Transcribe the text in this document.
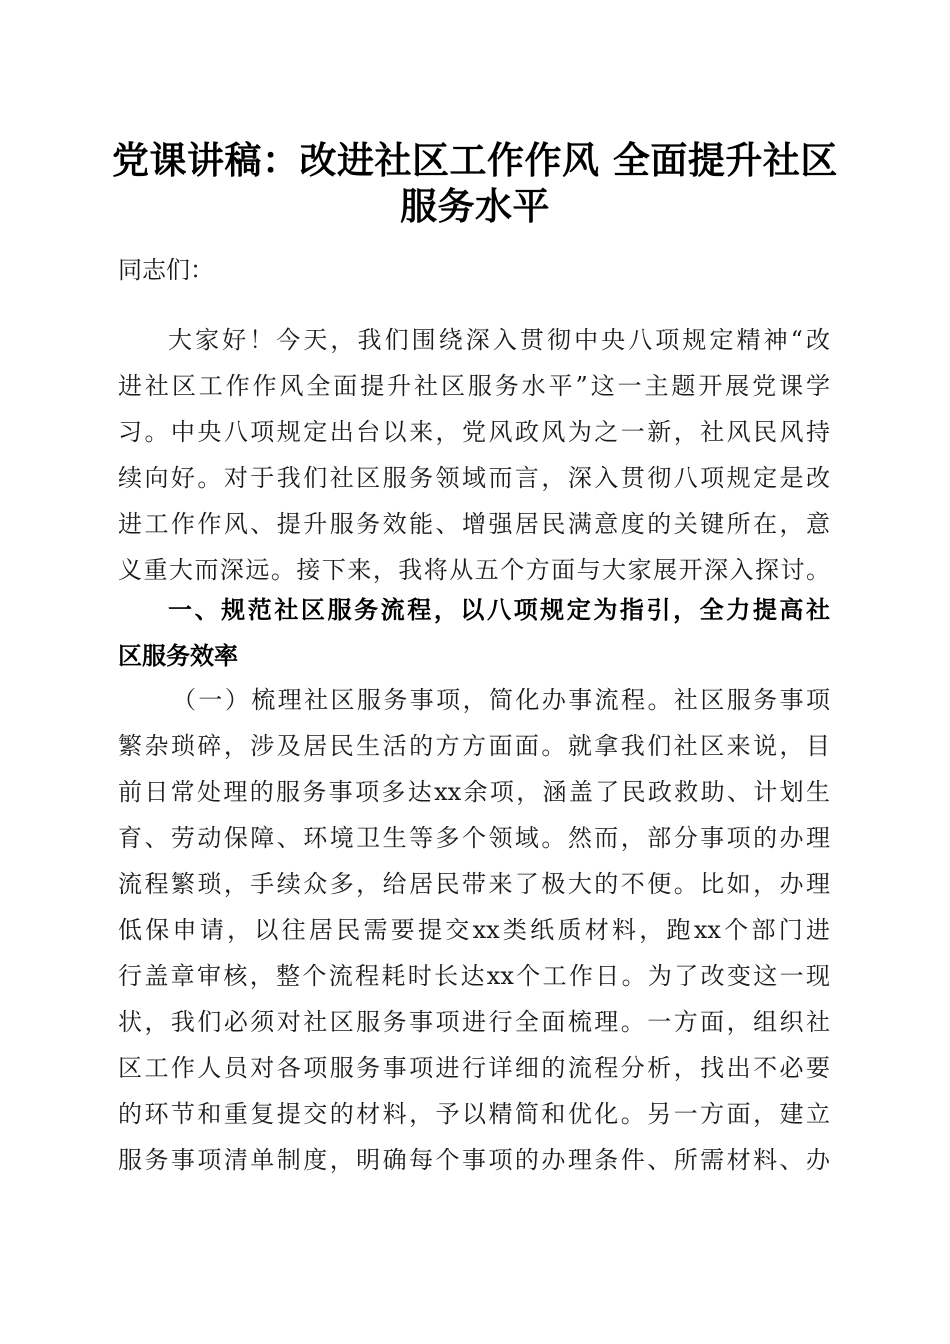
党课讲稿：改进社区工作作风 全面提升社区
服务水平
同志们：
大家好！今天，我们围绕深入贯彻中央八项规定精神“改
进社区工作作风全面提升社区服务水平”这一主题开展党课学
习。中央八项规定出台以来，党风政风为之一新，社风民风持
续向好。对于我们社区服务领域而言，深入贯彻八项规定是改
进工作作风、提升服务效能、增强居民满意度的关键所在，意
义重大而深远。接下来，我将从五个方面与大家展开深入探讨。
一、规范社区服务流程，以八项规定为指引，全力提高社
区服务效率
（一）梳理社区服务事项，简化办事流程。社区服务事项
繁杂琐碎，涉及居民生活的方方面面。就拿我们社区来说，目
前日常处理的服务事项多达xx余项，涵盖了民政救助、计划生
育、劳动保障、环境卫生等多个领域。然而，部分事项的办理
流程繁琐，手续众多，给居民带来了极大的不便。比如，办理
低保申请，以往居民需要提交xx类纸质材料，跑xx个部门进
行盖章审核，整个流程耗时长达xx个工作日。为了改变这一现
状，我们必须对社区服务事项进行全面梳理。一方面，组织社
区工作人员对各项服务事项进行详细的流程分析，找出不必要
的环节和重复提交的材料，予以精简和优化。另一方面，建立
服务事项清单制度，明确每个事项的办理条件、所需材料、办
